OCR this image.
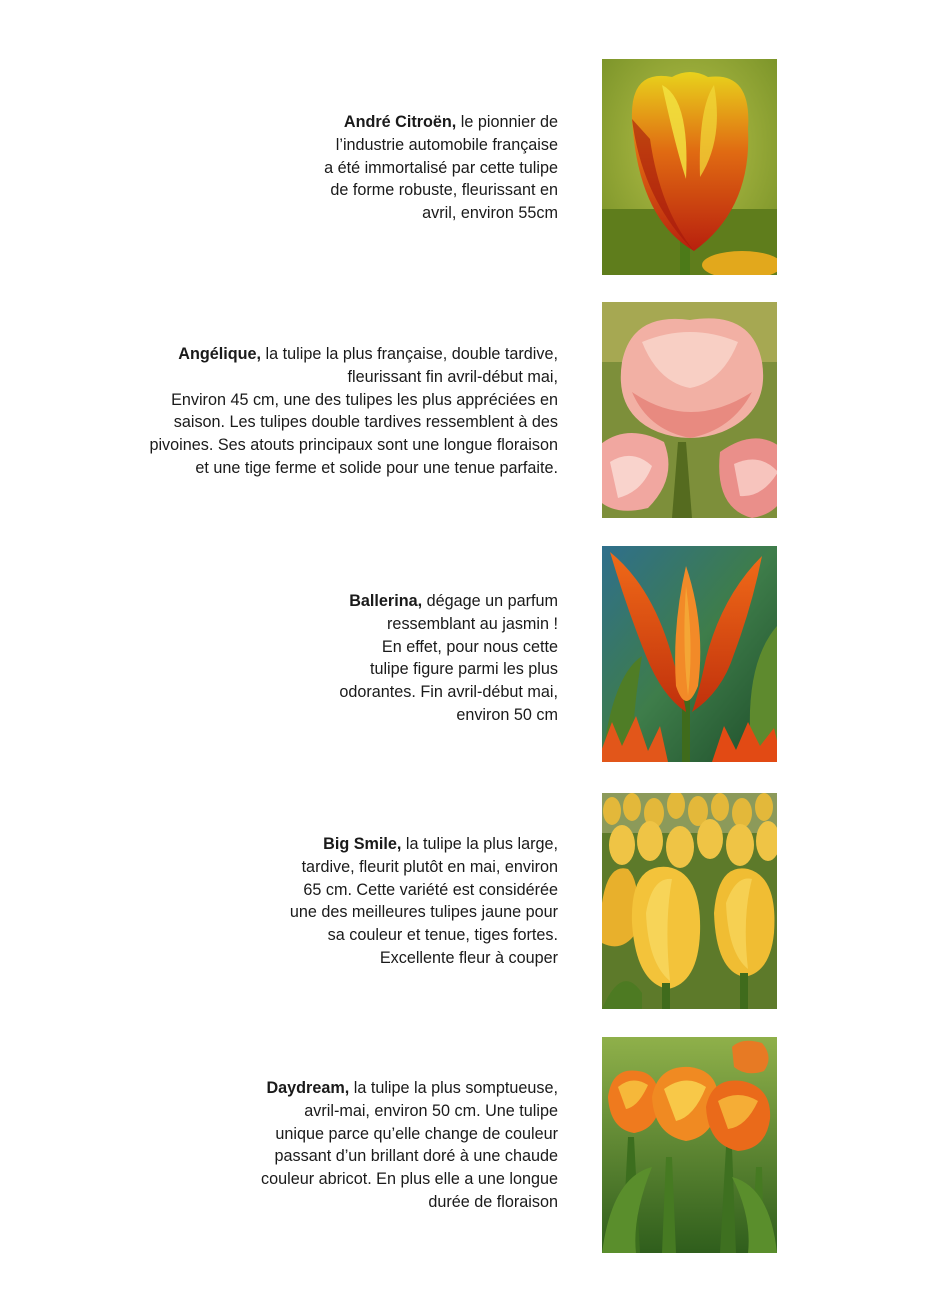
André Citroën, le pionnier de
l’industrie automobile française
a été immortalisé par cette tulipe
de forme robuste, fleurissant en
avril, environ 55cm
Angélique, la tulipe la plus française, double tardive,
fleurissant fin avril-début mai,
Environ 45 cm, une des tulipes les plus appréciées en
saison. Les tulipes double tardives ressemblent à des
pivoines. Ses atouts principaux sont une longue floraison
et une tige ferme et solide pour une tenue parfaite.
Ballerina, dégage un parfum
ressemblant au jasmin !
En effet, pour nous cette
tulipe figure parmi les plus
odorantes. Fin avril-début mai,
environ 50 cm
Big Smile, la tulipe la plus large,
tardive, fleurit plutôt en mai, environ
65 cm. Cette variété est considérée
une des meilleures tulipes jaune pour
sa couleur et tenue, tiges fortes.
Excellente fleur à couper
Daydream, la tulipe la plus somptueuse,
avril-mai, environ 50 cm. Une tulipe
unique parce qu’elle change de couleur
passant d’un brillant doré à une chaude
couleur abricot. En plus elle a une longue
durée de floraison
